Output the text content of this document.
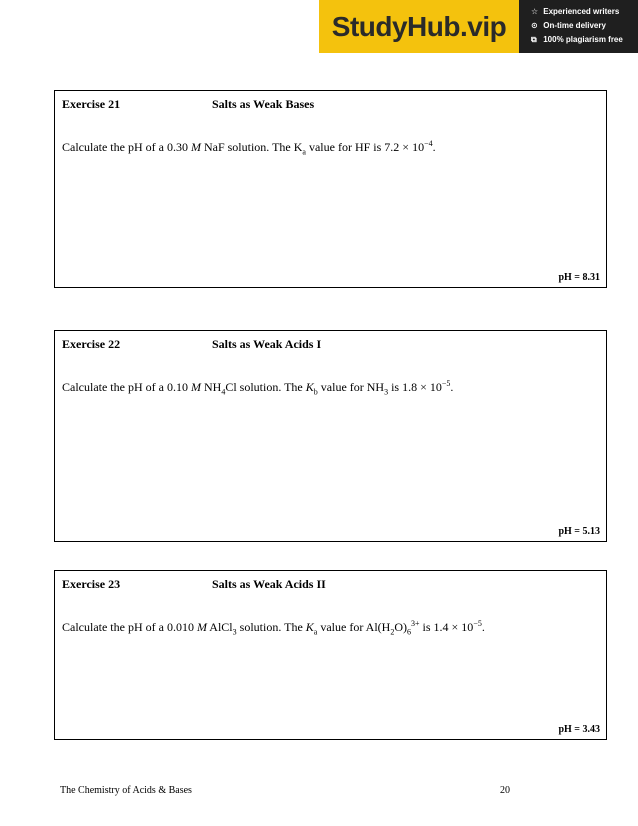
StudyHub.vip	☆ Experienced writers
⊙ On-time delivery
⧉ 100% plagiarism free
Exercise 21	Salts as Weak Bases
Calculate the pH of a 0.30 M NaF solution. The $K_a$ value for HF is $7.2 \times 10^{-4}$.
pH = 8.31
Exercise 22	Salts as Weak Acids I
Calculate the pH of a 0.10 M $NH_4Cl$ solution. The $K_b$ value for $NH_3$ is $1.8 \times 10^{-5}$.
pH = 5.13
Exercise 23	Salts as Weak Acids II
Calculate the pH of a 0.010 M AlCl$_3$ solution. The $K_a$ value for $Al(H_2O)_6^{3+}$ is $1.4 \times 10^{-5}$.
pH = 3.43
The Chemistry of Acids & Bases	20
